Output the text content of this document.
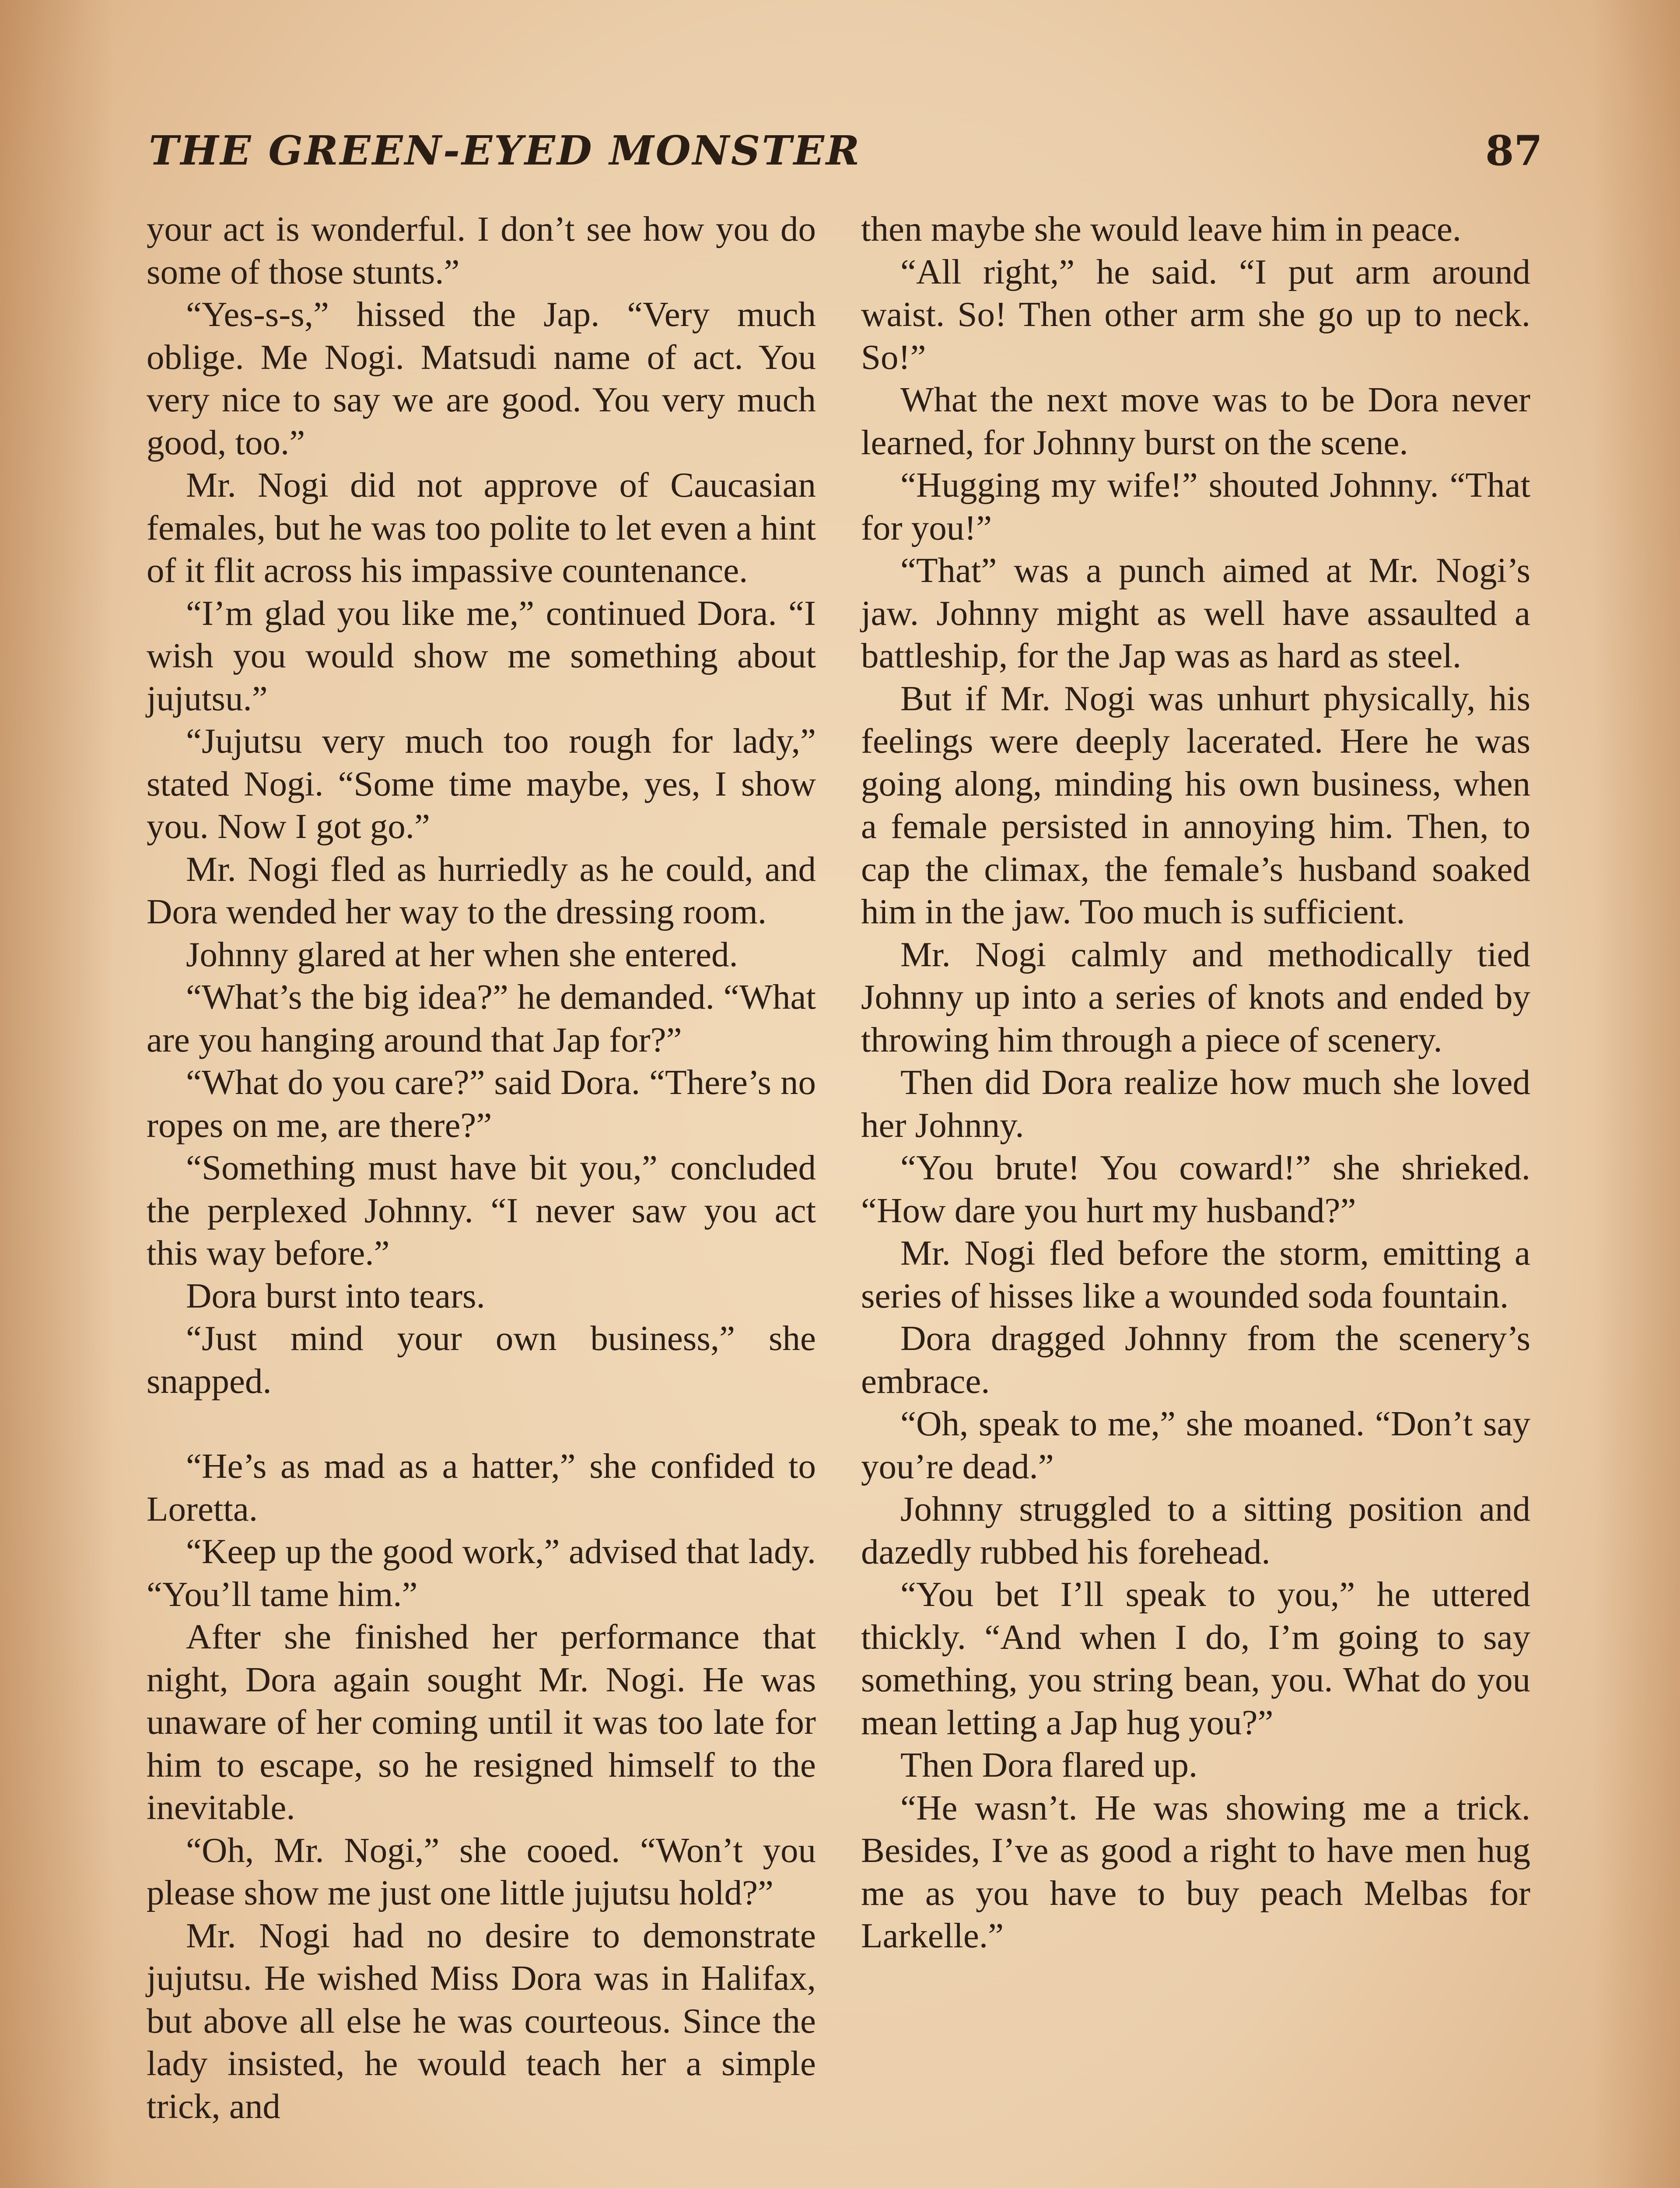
THE GREEN-EYED MONSTER	87

your act is wonderful. I don’t see how you do some of those stunts.”

“Yes-s-s,” hissed the Jap. “Very much oblige. Me Nogi. Matsudi name of act. You very nice to say we are good. You very much good, too.”

Mr. Nogi did not approve of Caucasian females, but he was too polite to let even a hint of it flit across his impassive countenance.

“I’m glad you like me,” continued Dora. “I wish you would show me something about jujutsu.”

“Jujutsu very much too rough for lady,” stated Nogi. “Some time maybe, yes, I show you. Now I got go.”

Mr. Nogi fled as hurriedly as he could, and Dora wended her way to the dressing room.

Johnny glared at her when she entered.

“What’s the big idea?” he demanded. “What are you hanging around that Jap for?”

“What do you care?” said Dora. “There’s no ropes on me, are there?”

“Something must have bit you,” concluded the perplexed Johnny. “I never saw you act this way before.”

Dora burst into tears.

“Just mind your own business,” she snapped.

“He’s as mad as a hatter,” she confided to Loretta.

“Keep up the good work,” advised that lady. “You’ll tame him.”

After she finished her performance that night, Dora again sought Mr. Nogi. He was unaware of her coming until it was too late for him to escape, so he resigned himself to the inevitable.

“Oh, Mr. Nogi,” she cooed. “Won’t you please show me just one little jujutsu hold?”

Mr. Nogi had no desire to demonstrate jujutsu. He wished Miss Dora was in Halifax, but above all else he was courteous. Since the lady insisted, he would teach her a simple trick, and

then maybe she would leave him in peace.

“All right,” he said. “I put arm around waist. So! Then other arm she go up to neck. So!”

What the next move was to be Dora never learned, for Johnny burst on the scene.

“Hugging my wife!” shouted Johnny. “That for you!”

“That” was a punch aimed at Mr. Nogi’s jaw. Johnny might as well have assaulted a battleship, for the Jap was as hard as steel.

But if Mr. Nogi was unhurt physically, his feelings were deeply lacerated. Here he was going along, minding his own business, when a female persisted in annoying him. Then, to cap the climax, the female’s husband soaked him in the jaw. Too much is sufficient.

Mr. Nogi calmly and methodically tied Johnny up into a series of knots and ended by throwing him through a piece of scenery.

Then did Dora realize how much she loved her Johnny.

“You brute! You coward!” she shrieked. “How dare you hurt my husband?”

Mr. Nogi fled before the storm, emitting a series of hisses like a wounded soda fountain.

Dora dragged Johnny from the scenery’s embrace.

“Oh, speak to me,” she moaned. “Don’t say you’re dead.”

Johnny struggled to a sitting position and dazedly rubbed his forehead.

“You bet I’ll speak to you,” he uttered thickly. “And when I do, I’m going to say something, you string bean, you. What do you mean letting a Jap hug you?”

Then Dora flared up.

“He wasn’t. He was showing me a trick. Besides, I’ve as good a right to have men hug me as you have to buy peach Melbas for Larkelle.”
